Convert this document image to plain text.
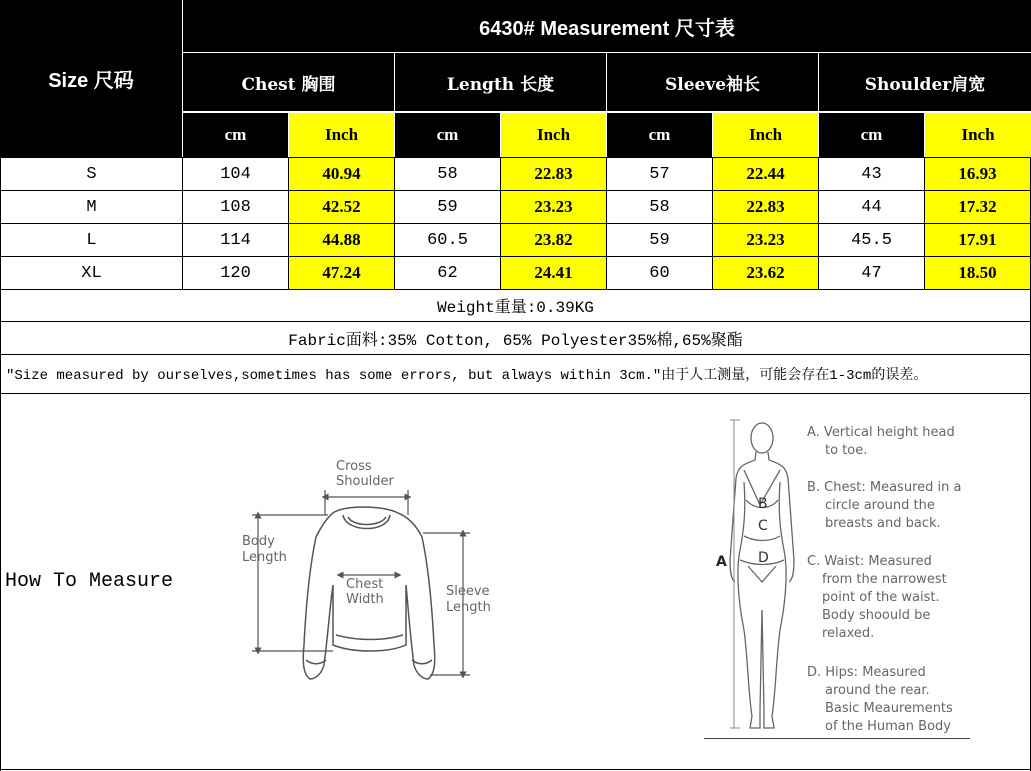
Size 尺码
6430# Measurement 尺寸表
Chest 胸围	Length 长度	Sleeve袖长	Shoulder肩宽
cm	Inch	cm	Inch	cm	Inch	cm	Inch
S	104	40.94	58	22.83	57	22.44	43	16.93
M	108	42.52	59	23.23	58	22.83	44	17.32
L	114	44.88	60.5	23.82	59	23.23	45.5	17.91
XL	120	47.24	62	24.41	60	23.62	47	18.50
Weight重量:0.39KG
Fabric面料:35% Cotton, 65% Polyester35%棉,65%聚酯
"Size measured by ourselves,sometimes has some errors, but always within 3cm."由于人工测量，可能会存在1-3cm的误差。
How To Measure
Cross
Shoulder
Body
Length
Chest
Width
Sleeve
Length
A
B
C
D
A. Vertical height head
to toe.
B. Chest: Measured in a
circle around the
breasts and back.
C. Waist: Measured
from the narrowest
point of the waist.
Body shoould be
relaxed.
D. Hips: Measured
around the rear.
Basic Meaurements
of the Human Body
